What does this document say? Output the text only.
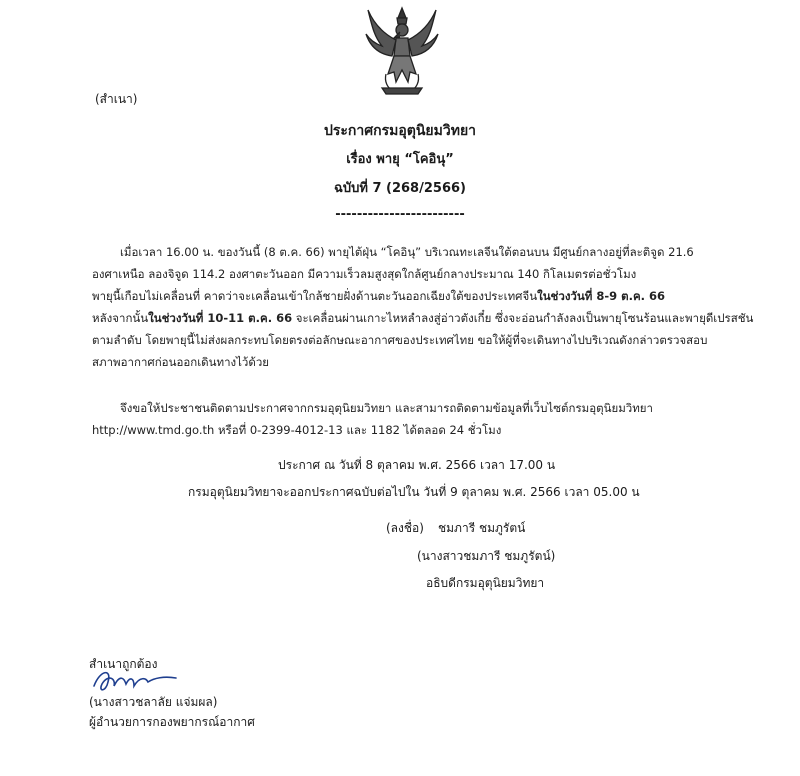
(สำเนา)

ประกาศกรมอุตุนิยมวิทยา

เรื่อง พายุ “โคอินุ”

ฉบับที่ 7 (268/2566)

------------------------

เมื่อเวลา 16.00 น. ของวันนี้ (8 ต.ค. 66) พายุไต้ฝุ่น “โคอินุ” บริเวณทะเลจีนใต้ตอนบน มีศูนย์กลางอยู่ที่ละติจูด 21.6
องศาเหนือ ลองจิจูด 114.2 องศาตะวันออก มีความเร็วลมสูงสุดใกล้ศูนย์กลางประมาณ 140 กิโลเมตรต่อชั่วโมง
พายุนี้เกือบไม่เคลื่อนที่ คาดว่าจะเคลื่อนเข้าใกล้ชายฝั่งด้านตะวันออกเฉียงใต้ของประเทศจีนในช่วงวันที่ 8-9 ต.ค. 66
หลังจากนั้นในช่วงวันที่ 10-11 ต.ค. 66 จะเคลื่อนผ่านเกาะไหหลำลงสู่อ่าวตังเกี๋ย ซึ่งจะอ่อนกำลังลงเป็นพายุโซนร้อนและพายุดีเปรสชัน
ตามลำดับ โดยพายุนี้ไม่ส่งผลกระทบโดยตรงต่อลักษณะอากาศของประเทศไทย ขอให้ผู้ที่จะเดินทางไปบริเวณดังกล่าวตรวจสอบ
สภาพอากาศก่อนออกเดินทางไว้ด้วย
จึงขอให้ประชาชนติดตามประกาศจากกรมอุตุนิยมวิทยา และสามารถติดตามข้อมูลที่เว็บไซต์กรมอุตุนิยมวิทยา
http://www.tmd.go.th หรือที่ 0-2399-4012-13 และ 1182 ได้ตลอด 24 ชั่วโมง

ประกาศ ณ วันที่ 8 ตุลาคม พ.ศ. 2566 เวลา 17.00 น

กรมอุตุนิยมวิทยาจะออกประกาศฉบับต่อไปใน วันที่ 9 ตุลาคม พ.ศ. 2566 เวลา 05.00 น

(ลงชื่อ) ชมภารี ชมภูรัตน์

(นางสาวชมภารี ชมภูรัตน์)

อธิบดีกรมอุตุนิยมวิทยา

สำเนาถูกต้อง

(นางสาวชลาลัย แจ่มผล)

ผู้อำนวยการกองพยากรณ์อากาศ
